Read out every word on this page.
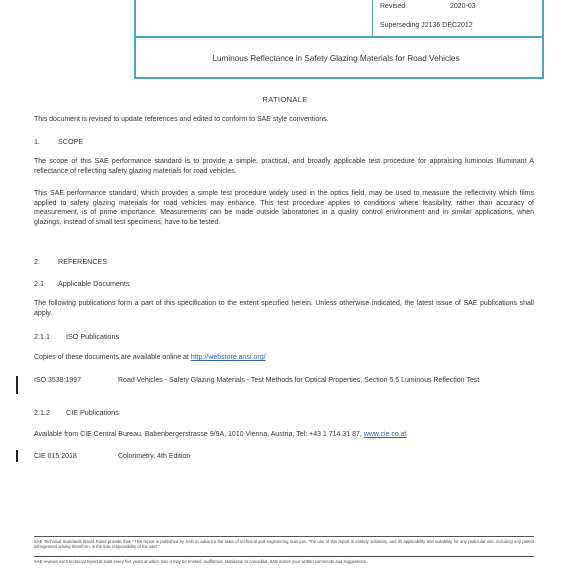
Revised	2020-03
Superseding J2136 DEC2012
Luminous Reflectance in Safety Glazing Materials for Road Vehicles
RATIONALE
This document is revised to update references and edited to conform to SAE style conventions.
1.	SCOPE
The scope of this SAE performance standard is to provide a simple, practical, and broadly applicable test procedure for appraising luminous Illuminant A reflectance of reflecting safety glazing materials for road vehicles.
This SAE performance standard, which provides a simple test procedure widely used in the optics field, may be used to measure the reflectivity which films applied to safety glazing materials for road vehicles may enhance. This test procedure applies to conditions where feasibility, rather than accuracy of measurement, is of prime importance. Measurements can be made outside laboratories in a quality control environment and in similar applications, when glazings, instead of small test specimens, have to be tested.
2.	REFERENCES
2.1 Applicable Documents
The following publications form a part of this specification to the extent specified herein. Unless otherwise indicated, the latest issue of SAE publications shall apply.
2.1.1 ISO Publications
Copies of these documents are available online at http://webstore.ansi.org/
ISO 3538:1997	Road Vehicles - Safety Glazing Materials - Test Methods for Optical Properties, Section 5.5 Luminous Reflection Test
2.1.2 CIE Publications
Available from CIE Central Bureau, Babenbergerstrasse 9/9A, 1010 Vienna, Austria, Tel: +43 1 714 31 87, www.cie.co.at
CIE 015:2018	Colorimetry, 4th Edition
SAE Technical Standards Board Rules provide that: "This report is published by SAE to advance the state of technical and engineering sciences. The use of this report is entirely voluntary, and its applicability and suitability for any particular use, including any patent infringement arising therefrom, is the sole responsibility of the user."
SAE reviews each technical report at least every five years at which time it may be revised, reaffirmed, stabilized, or cancelled. SAE invites your written comments and suggestions.
